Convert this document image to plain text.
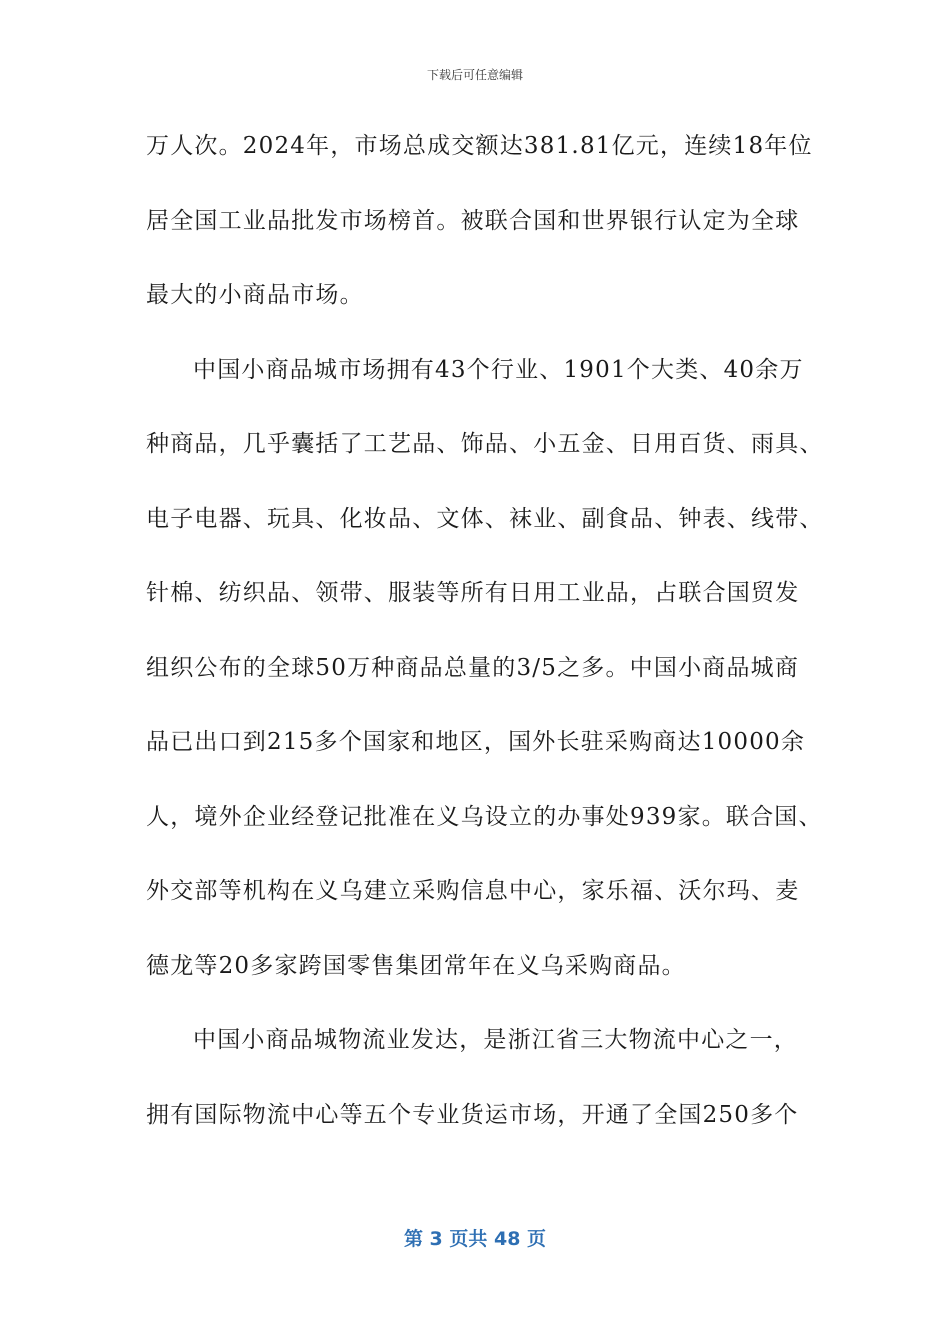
下载后可任意编辑
万人次。2024年，市场总成交额达381.81亿元，连续18年位
居全国工业品批发市场榜首。被联合国和世界银行认定为全球
最大的小商品市场。
中国小商品城市场拥有43个行业、1901个大类、40余万
种商品，几乎囊括了工艺品、饰品、小五金、日用百货、雨具、
电子电器、玩具、化妆品、文体、袜业、副食品、钟表、线带、
针棉、纺织品、领带、服装等所有日用工业品，占联合国贸发
组织公布的全球50万种商品总量的3/5之多。中国小商品城商
品已出口到215多个国家和地区，国外长驻采购商达10000余
人，境外企业经登记批准在义乌设立的办事处939家。联合国、
外交部等机构在义乌建立采购信息中心，家乐福、沃尔玛、麦
德龙等20多家跨国零售集团常年在义乌采购商品。
中国小商品城物流业发达，是浙江省三大物流中心之一，
拥有国际物流中心等五个专业货运市场，开通了全国250多个
第 3 页共 48 页
